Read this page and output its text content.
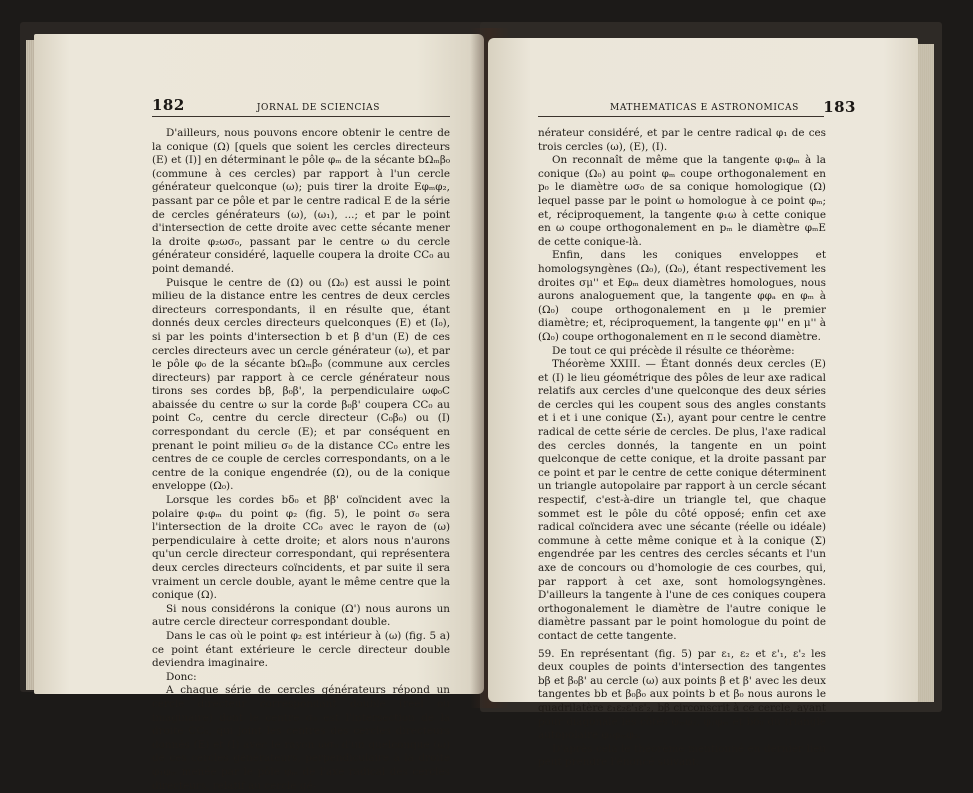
182	JORNAL DE SCIENCIAS

D'ailleurs, nous pouvons encore obtenir le centre de la conique (Ω) [quels que soient les cercles directeurs (E) et (I)] en déterminant le pôle φₘ de la sécante bΩₘβ₀ (commune à ces cercles) par rapport à l'un cercle générateur quelconque (ω); puis tirer la droite Eφₘφ₂, passant par ce pôle et par le centre radical E de la série de cercles générateurs (ω), (ω₁), ...; et par le point d'intersection de cette droite avec cette sécante mener la droite φ₂ωσ₀, passant par le centre ω du cercle générateur considéré, laquelle coupera la droite CC₀ au point demandé.

Puisque le centre de (Ω) ou (Ω₀) est aussi le point milieu de la distance entre les centres de deux cercles directeurs correspondants, il en résulte que, étant donnés deux cercles directeurs quelconques (E) et (I₀), si par les points d'intersection b et β d'un (E) de ces cercles directeurs avec un cercle générateur (ω), et par le pôle φ₀ de la sécante bΩₘβ₀ (commune aux cercles directeurs) par rapport à ce cercle générateur nous tirons ses cordes bβ, β₀β', la perpendiculaire ωφ₀C abaissée du centre ω sur la corde β₀β' coupera CC₀ au point C₀, centre du cercle directeur (C₀β₀) ou (I) correspondant du cercle (E); et par conséquent en prenant le point milieu σ₀ de la distance CC₀ entre les centres de ce couple de cercles correspondants, on a le centre de la conique engendrée (Ω), ou de la conique enveloppe (Ω₀).

Lorsque les cordes bδ₀ et ββ' coïncident avec la polaire φ₁φₘ du point φ₂ (fig. 5), le point σ₀ sera l'intersection de la droite CC₀ avec le rayon de (ω) perpendiculaire à cette droite; et alors nous n'aurons qu'un cercle directeur correspondant, qui représentera deux cercles directeurs coïncidents, et par suite il sera vraiment un cercle double, ayant le même centre que la conique (Ω).

Si nous considérons la conique (Ω') nous aurons un autre cercle directeur correspondant double.

Dans le cas où le point φ₂ est intérieur à (ω) (fig. 5 a) ce point étant extérieure le cercle directeur double deviendra imaginaire.

Donc:

A chaque série de cercles générateurs répond un cercle directeur correspondant double (réel ou imaginaire) dont le centre σ₀ est l'intersection de la droite CC₀, qui joint les centres des cercles directeurs donnés (E) et (I) avec le rayon ωσ₀ d'un quelconque (ω) de ces cercles générateurs, perpendiculaire à la droite φ₁φₘ menée par le pôle φₘ de l'axe radical des cercles directeurs, relatif au cercle gé-

MATHEMATICAS E ASTRONOMICAS 183

nérateur considéré, et par le centre radical φ₁ de ces trois cercles (ω), (E), (I).

On reconnaît de même que la tangente φ₁φₘ à la conique (Ω₀) au point φₘ coupe orthogonalement en p₀ le diamètre ωσ₀ de sa conique homologique (Ω) lequel passe par le point ω homologue à ce point φₘ; et, réciproquement, la tangente φ₁ω à cette conique en ω coupe orthogonalement en pₘ le diamètre φₘE de cette conique-là.

Enfin, dans les coniques enveloppes et homologsyngènes (Ω₀), (Ω₀), étant respectivement les droites σμ'' et Eφₘ deux diamètres homologues, nous aurons analoguement que, la tangente φφₐ en φₘ à (Ω₀) coupe orthogonalement en μ le premier diamètre; et, réciproquement, la tangente φμ'' en μ'' à (Ω₀) coupe orthogonalement en π le second diamètre.

De tout ce qui précède il résulte ce théorème:

Théorème XXIII. — Étant donnés deux cercles (E) et (I) le lieu géométrique des pôles de leur axe radical relatifs aux cercles d'une quelconque des deux séries de cercles qui les coupent sous des angles constants et i et i une conique (Σ₁), ayant pour centre le centre radical de cette série de cercles. De plus, l'axe radical des cercles donnés, la tangente en un point quelconque de cette conique, et la droite passant par ce point et par le centre de cette conique déterminent un triangle autopolaire par rapport à un cercle sécant respectif, c'est-à-dire un triangle tel, que chaque sommet est le pôle du côté opposé; enfin cet axe radical coïncidera avec une sécante (réelle ou idéale) commune à cette même conique et à la conique (Σ) engendrée par les centres des cercles sécants et l'un axe de concours ou d'homologie de ces courbes, qui, par rapport à cet axe, sont homologsyngènes. D'ailleurs la tangente à l'une de ces coniques coupera orthogonalement le diamètre de l'autre conique le diamètre passant par le point homologue du point de contact de cette tangente.

59. En représentant (fig. 5) par ε₁, ε₂ et ε'₁, ε'₂ les deux couples de points d'intersection des tangentes bβ et β₀β' au cercle (ω) aux points β et β' avec les deux tangentes bb et β₀β₀ aux points b et β₀ nous aurons le quadrilatère ε₁ε₂ε'₁ε'₂, bβ circonscrit à ce cercle, ayant pour diagonale les côtés φₘφ₂, φ₁φₘ et bδ₀ du triangle autopolaire φ₁φₘφ₂.

D'après cela le théorème mentionné en dernier lieu peut prendre l'énoncé suivant:
